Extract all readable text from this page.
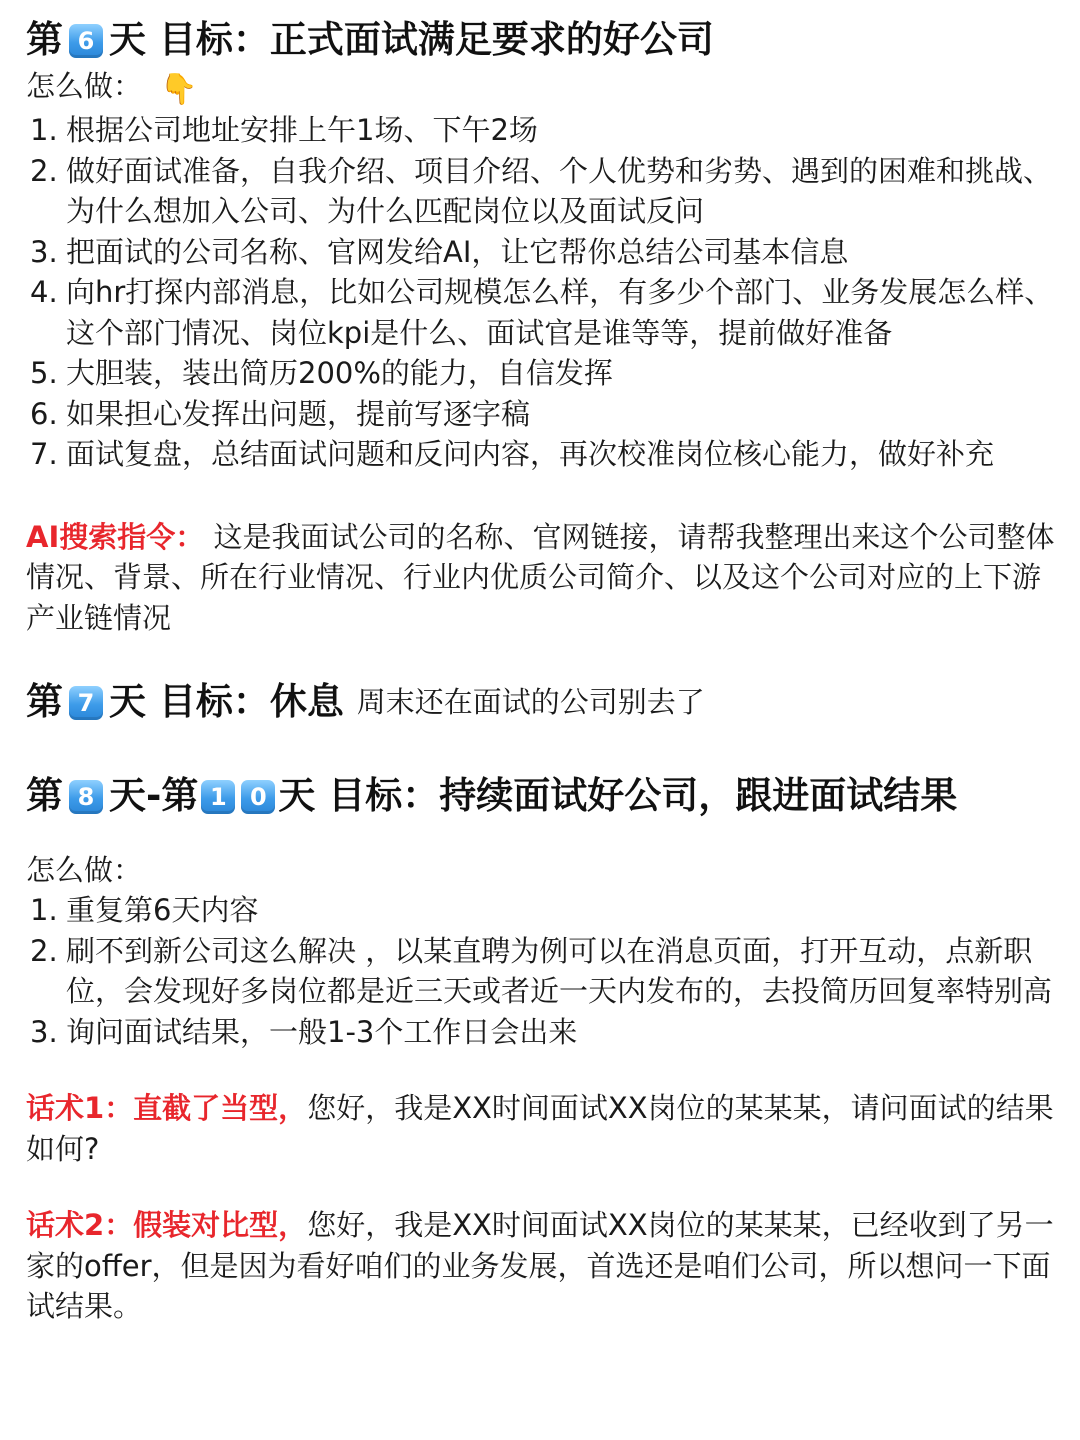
第 6 天 目标：正式面试满足要求的好公司
怎么做： 👇
1. 根据公司地址安排上午1场、下午2场
2. 做好面试准备，自我介绍、项目介绍、个人优势和劣势、遇到的困难和挑战、为什么想加入公司、为什么匹配岗位以及面试反问
3. 把面试的公司名称、官网发给AI，让它帮你总结公司基本信息
4. 向hr打探内部消息，比如公司规模怎么样，有多少个部门、业务发展怎么样、这个部门情况、岗位kpi是什么、面试官是谁等等，提前做好准备
5. 大胆装，装出简历200%的能力，自信发挥
6. 如果担心发挥出问题，提前写逐字稿
7. 面试复盘，总结面试问题和反问内容，再次校准岗位核心能力，做好补充

AI搜索指令： 这是我面试公司的名称、官网链接，请帮我整理出来这个公司整体情况、背景、所在行业情况、行业内优质公司简介、以及这个公司对应的上下游产业链情况

第 7 天 目标：休息 周末还在面试的公司别去了
第 8 天-第 1 0 天 目标：持续面试好公司，跟进面试结果
怎么做：
1. 重复第6天内容
2. 刷不到新公司这么解决 ，以某直聘为例可以在消息页面，打开互动，点新职位，会发现好多岗位都是近三天或者近一天内发布的，去投简历回复率特别高
3. 询问面试结果，一般1-3个工作日会出来

话术1：直截了当型，您好，我是XX时间面试XX岗位的某某某，请问面试的结果如何?

话术2：假装对比型，您好，我是XX时间面试XX岗位的某某某，已经收到了另一家的offer，但是因为看好咱们的业务发展，首选还是咱们公司，所以想问一下面试结果。
